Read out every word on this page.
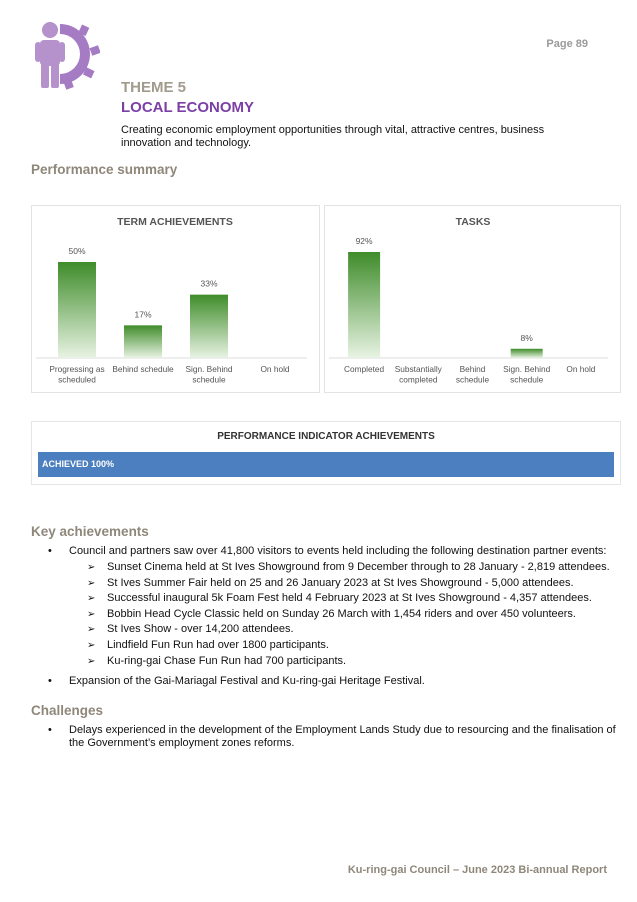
Page 89
THEME 5
LOCAL ECONOMY
Creating economic employment opportunities through vital, attractive centres, business innovation and technology.
Performance summary
TERM ACHIEVEMENTS
50%
Progressing as scheduled
17%
Behind schedule
33%
Sign. Behind schedule
On hold
TASKS
92%
Completed Substantially completed
Behind schedule
8%
Sign. Behind schedule
On hold
PERFORMANCE INDICATOR ACHIEVEMENTS
ACHIEVED 100%
Key achievements
• Council and partners saw over 41,800 visitors to events held including the following destination partner events:
➢ Sunset Cinema held at St Ives Showground from 9 December through to 28 January - 2,819 attendees.
➢ St Ives Summer Fair held on 25 and 26 January 2023 at St Ives Showground - 5,000 attendees.
➢ Successful inaugural 5k Foam Fest held 4 February 2023 at St Ives Showground - 4,357 attendees.
➢ Bobbin Head Cycle Classic held on Sunday 26 March with 1,454 riders and over 450 volunteers.
➢ St Ives Show - over 14,200 attendees.
➢ Lindfield Fun Run had over 1800 participants.
➢ Ku-ring-gai Chase Fun Run had 700 participants.
• Expansion of the Gai-Mariagal Festival and Ku-ring-gai Heritage Festival.
Challenges
• Delays experienced in the development of the Employment Lands Study due to resourcing and the finalisation of the Government’s employment zones reforms.
Ku-ring-gai Council – June 2023 Bi-annual Report
